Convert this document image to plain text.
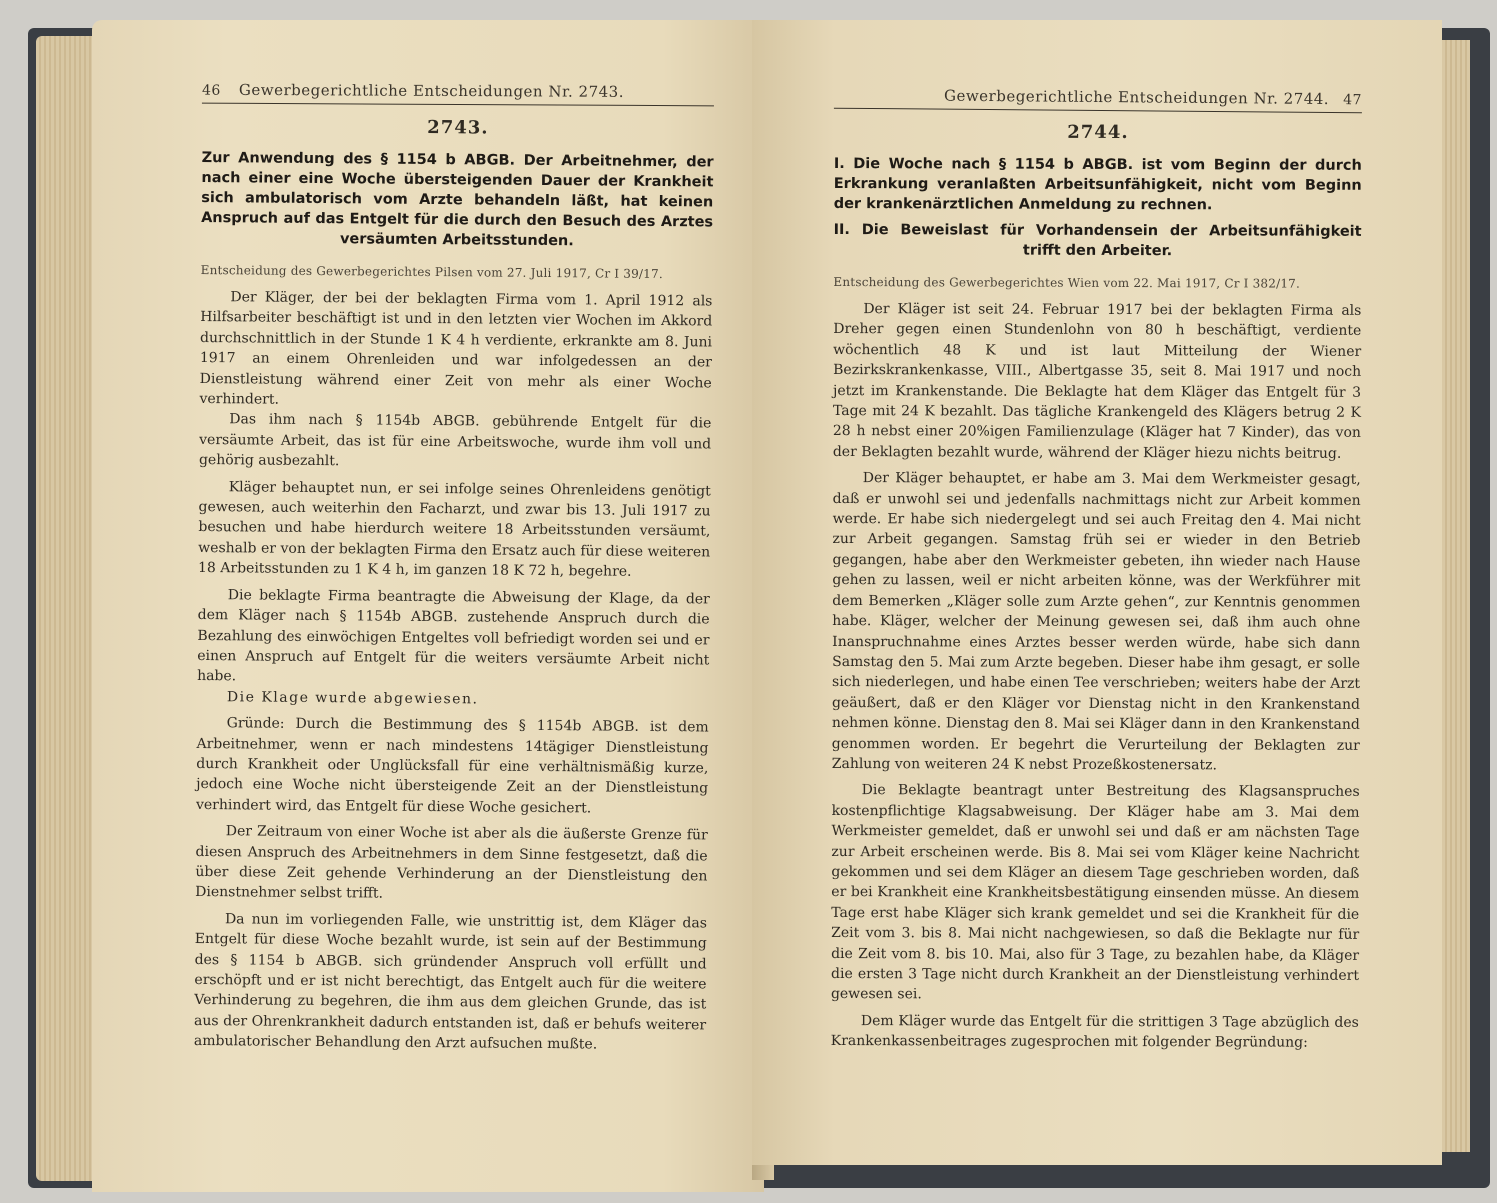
46 Gewerbegerichtliche Entscheidungen Nr. 2743.
2743.

Zur Anwendung des § 1154 b ABGB. Der Arbeitnehmer, der nach einer eine Woche übersteigenden Dauer der Krankheit sich ambulatorisch vom Arzte behandeln läßt, hat keinen Anspruch auf das Entgelt für die durch den Besuch des Arztes versäumten Arbeitsstunden.

Entscheidung des Gewerbegerichtes Pilsen vom 27. Juli 1917, Cr I 39/17.

Der Kläger, der bei der beklagten Firma vom 1. April 1912 als Hilfsarbeiter beschäftigt ist und in den letzten vier Wochen im Akkord durchschnittlich in der Stunde 1 K 4 h verdiente, erkrankte am 8. Juni 1917 an einem Ohrenleiden und war infolgedessen an der Dienstleistung während einer Zeit von mehr als einer Woche verhindert.

Das ihm nach § 1154b ABGB. gebührende Entgelt für die versäumte Arbeit, das ist für eine Arbeitswoche, wurde ihm voll und gehörig ausbezahlt.

Kläger behauptet nun, er sei infolge seines Ohrenleidens genötigt gewesen, auch weiterhin den Facharzt, und zwar bis 13. Juli 1917 zu besuchen und habe hierdurch weitere 18 Arbeitsstunden versäumt, weshalb er von der beklagten Firma den Ersatz auch für diese weiteren 18 Arbeitsstunden zu 1 K 4 h, im ganzen 18 K 72 h, begehre.

Die beklagte Firma beantragte die Abweisung der Klage, da der dem Kläger nach § 1154b ABGB. zustehende Anspruch durch die Bezahlung des einwöchigen Entgeltes voll befriedigt worden sei und er einen Anspruch auf Entgelt für die weiters versäumte Arbeit nicht habe.

Die Klage wurde abgewiesen.

Gründe: Durch die Bestimmung des § 1154b ABGB. ist dem Arbeitnehmer, wenn er nach mindestens 14tägiger Dienstleistung durch Krankheit oder Unglücksfall für eine verhältnismäßig kurze, jedoch eine Woche nicht übersteigende Zeit an der Dienstleistung verhindert wird, das Entgelt für diese Woche gesichert.

Der Zeitraum von einer Woche ist aber als die äußerste Grenze für diesen Anspruch des Arbeitnehmers in dem Sinne festgesetzt, daß die über diese Zeit gehende Verhinderung an der Dienstleistung den Dienstnehmer selbst trifft.

Da nun im vorliegenden Falle, wie unstrittig ist, dem Kläger das Entgelt für diese Woche bezahlt wurde, ist sein auf der Bestimmung des § 1154 b ABGB. sich gründender Anspruch voll erfüllt und erschöpft und er ist nicht berechtigt, das Entgelt auch für die weitere Verhinderung zu begehren, die ihm aus dem gleichen Grunde, das ist aus der Ohrenkrankheit dadurch entstanden ist, daß er behufs weiterer ambulatorischer Behandlung den Arzt aufsuchen mußte.

Gewerbegerichtliche Entscheidungen Nr. 2744. 47
2744.

I. Die Woche nach § 1154 b ABGB. ist vom Beginn der durch Erkrankung veranlaßten Arbeitsunfähigkeit, nicht vom Beginn der krankenärztlichen Anmeldung zu rechnen.

II. Die Beweislast für Vorhandensein der Arbeitsunfähigkeit trifft den Arbeiter.

Entscheidung des Gewerbegerichtes Wien vom 22. Mai 1917, Cr I 382/17.

Der Kläger ist seit 24. Februar 1917 bei der beklagten Firma als Dreher gegen einen Stundenlohn von 80 h beschäftigt, verdiente wöchentlich 48 K und ist laut Mitteilung der Wiener Bezirkskrankenkasse, VIII., Albertgasse 35, seit 8. Mai 1917 und noch jetzt im Krankenstande. Die Beklagte hat dem Kläger das Entgelt für 3 Tage mit 24 K bezahlt. Das tägliche Krankengeld des Klägers betrug 2 K 28 h nebst einer 20%igen Familienzulage (Kläger hat 7 Kinder), das von der Beklagten bezahlt wurde, während der Kläger hiezu nichts beitrug.

Der Kläger behauptet, er habe am 3. Mai dem Werkmeister gesagt, daß er unwohl sei und jedenfalls nachmittags nicht zur Arbeit kommen werde. Er habe sich niedergelegt und sei auch Freitag den 4. Mai nicht zur Arbeit gegangen. Samstag früh sei er wieder in den Betrieb gegangen, habe aber den Werkmeister gebeten, ihn wieder nach Hause gehen zu lassen, weil er nicht arbeiten könne, was der Werkführer mit dem Bemerken „Kläger solle zum Arzte gehen“, zur Kenntnis genommen habe. Kläger, welcher der Meinung gewesen sei, daß ihm auch ohne Inanspruchnahme eines Arztes besser werden würde, habe sich dann Samstag den 5. Mai zum Arzte begeben. Dieser habe ihm gesagt, er solle sich niederlegen, und habe einen Tee verschrieben; weiters habe der Arzt geäußert, daß er den Kläger vor Dienstag nicht in den Krankenstand nehmen könne. Dienstag den 8. Mai sei Kläger dann in den Krankenstand genommen worden. Er begehrt die Verurteilung der Beklagten zur Zahlung von weiteren 24 K nebst Prozeßkostenersatz.

Die Beklagte beantragt unter Bestreitung des Klagsanspruches kostenpflichtige Klagsabweisung. Der Kläger habe am 3. Mai dem Werkmeister gemeldet, daß er unwohl sei und daß er am nächsten Tage zur Arbeit erscheinen werde. Bis 8. Mai sei vom Kläger keine Nachricht gekommen und sei dem Kläger an diesem Tage geschrieben worden, daß er bei Krankheit eine Krankheitsbestätigung einsenden müsse. An diesem Tage erst habe Kläger sich krank gemeldet und sei die Krankheit für die Zeit vom 3. bis 8. Mai nicht nachgewiesen, so daß die Beklagte nur für die Zeit vom 8. bis 10. Mai, also für 3 Tage, zu bezahlen habe, da Kläger die ersten 3 Tage nicht durch Krankheit an der Dienstleistung verhindert gewesen sei.

Dem Kläger wurde das Entgelt für die strittigen 3 Tage abzüglich des Krankenkassenbeitrages zugesprochen mit folgender Begründung:
